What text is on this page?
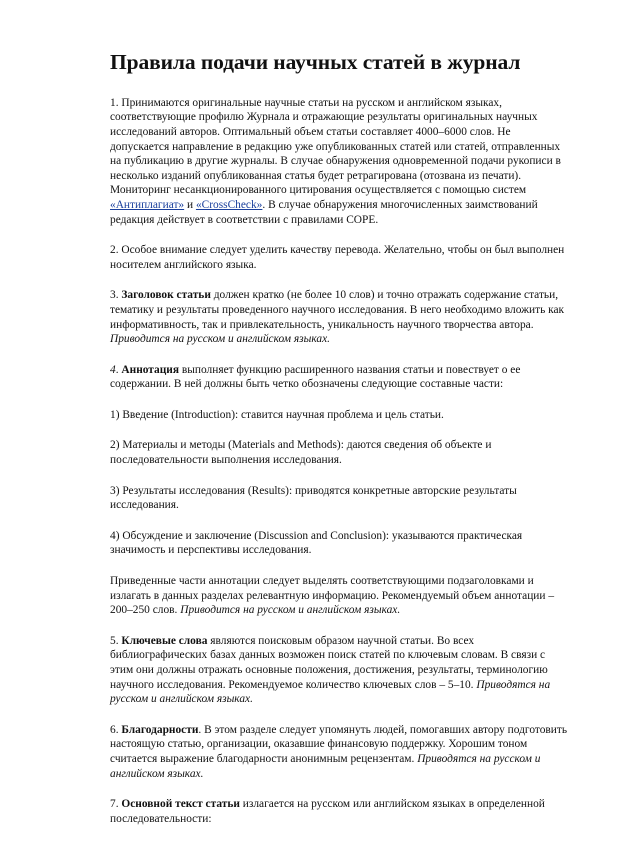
Правила подачи научных статей в журнал

1. Принимаются оригинальные научные статьи на русском и английском языках, соответствующие профилю Журнала и отражающие результаты оригинальных научных исследований авторов. Оптимальный объем статьи составляет 4000–6000 слов. Не допускается направление в редакцию уже опубликованных статей или статей, отправленных на публикацию в другие журналы. В случае обнаружения одновременной подачи рукописи в несколько изданий опубликованная статья будет ретрагирована (отозвана из печати). Мониторинг несанкционированного цитирования осуществляется с помощью систем «Антиплагиат» и «CrossCheck». В случае обнаружения многочисленных заимствований редакция действует в соответствии с правилами COPE.

2. Особое внимание следует уделить качеству перевода. Желательно, чтобы он был выполнен носителем английского языка.

3. Заголовок статьи должен кратко (не более 10 слов) и точно отражать содержание статьи, тематику и результаты проведенного научного исследования. В него необходимо вложить как информативность, так и привлекательность, уникальность научного творчества автора. Приводится на русском и английском языках.

4. Аннотация выполняет функцию расширенного названия статьи и повествует о ее содержании. В ней должны быть четко обозначены следующие составные части:

1) Введение (Introduction): ставится научная проблема и цель статьи.

2) Материалы и методы (Materials and Methods): даются сведения об объекте и последовательности выполнения исследования.

3) Результаты исследования (Results): приводятся конкретные авторские результаты исследования.

4) Обсуждение и заключение (Discussion and Conclusion): указываются практическая значимость и перспективы исследования.

Приведенные части аннотации следует выделять соответствующими подзаголовками и излагать в данных разделах релевантную информацию. Рекомендуемый объем аннотации – 200–250 слов. Приводится на русском и английском языках.

5. Ключевые слова являются поисковым образом научной статьи. Во всех библиографических базах данных возможен поиск статей по ключевым словам. В связи с этим они должны отражать основные положения, достижения, результаты, терминологию научного исследования. Рекомендуемое количество ключевых слов – 5–10. Приводятся на русском и английском языках.

6. Благодарности. В этом разделе следует упомянуть людей, помогавших автору подготовить настоящую статью, организации, оказавшие финансовую поддержку. Хорошим тоном считается выражение благодарности анонимным рецензентам. Приводятся на русском и английском языках.

7. Основной текст статьи излагается на русском или английском языках в определенной последовательности:
